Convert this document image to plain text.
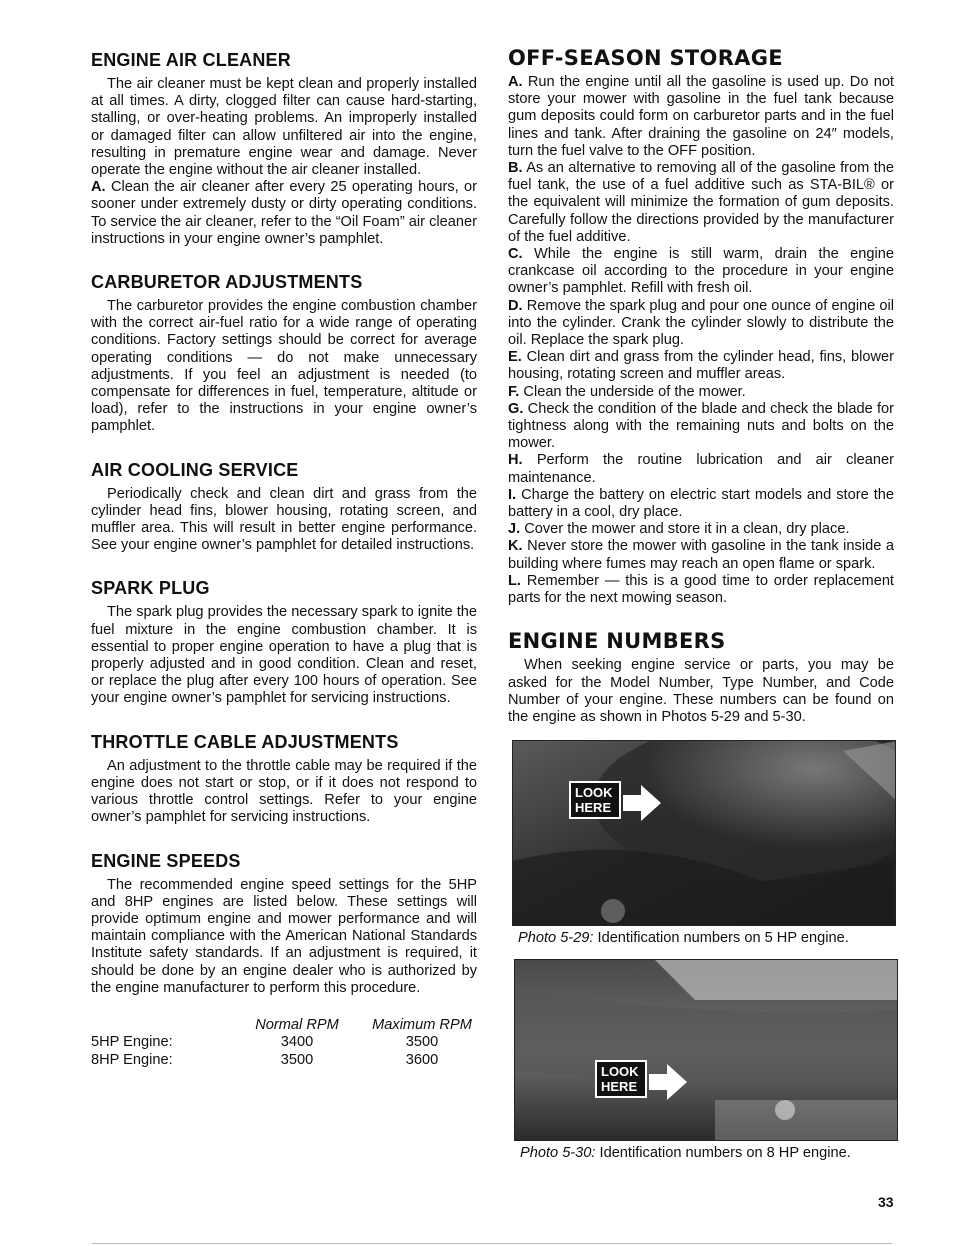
ENGINE AIR CLEANER

The air cleaner must be kept clean and properly installed at all times. A dirty, clogged filter can cause hard-starting, stalling, or over-heating problems. An improperly installed or damaged filter can allow unfiltered air into the engine, resulting in premature engine wear and damage. Never operate the engine without the air cleaner installed.

A. Clean the air cleaner after every 25 operating hours, or sooner under extremely dusty or dirty operating conditions. To service the air cleaner, refer to the “Oil Foam” air cleaner instructions in your engine owner’s pamphlet.
CARBURETOR ADJUSTMENTS

The carburetor provides the engine combustion chamber with the correct air-fuel ratio for a wide range of operating conditions. Factory settings should be correct for average operating conditions — do not make unnecessary adjustments. If you feel an adjustment is needed (to compensate for differences in fuel, temperature, altitude or load), refer to the instructions in your engine owner’s pamphlet.

AIR COOLING SERVICE

Periodically check and clean dirt and grass from the cylinder head fins, blower housing, rotating screen, and muffler area. This will result in better engine performance. See your engine owner’s pamphlet for detailed instructions.

SPARK PLUG

The spark plug provides the necessary spark to ignite the fuel mixture in the engine combustion chamber. It is essential to proper engine operation to have a plug that is properly adjusted and in good condition. Clean and reset, or replace the plug after every 100 hours of operation. See your engine owner’s pamphlet for servicing instructions.

THROTTLE CABLE ADJUSTMENTS

An adjustment to the throttle cable may be required if the engine does not start or stop, or if it does not respond to various throttle control settings. Refer to your engine owner’s pamphlet for servicing instructions.

ENGINE SPEEDS

The recommended engine speed settings for the 5HP and 8HP engines are listed below. These settings will provide optimum engine and mower performance and will maintain compliance with the American National Standards Institute safety standards. If an adjustment is required, it should be done by an engine dealer who is authorized by the engine manufacturer to perform this procedure.

	Normal RPM	Maximum RPM
5HP Engine:	3400	3500
8HP Engine:	3500	3600
OFF-SEASON STORAGE
A. Run the engine until all the gasoline is used up. Do not store your mower with gasoline in the fuel tank because gum deposits could form on carburetor parts and in the fuel lines and tank. After draining the gasoline on 24″ models, turn the fuel valve to the OFF position.
B. As an alternative to removing all of the gasoline from the fuel tank, the use of a fuel additive such as STA-BIL® or the equivalent will minimize the formation of gum deposits. Carefully follow the directions provided by the manufacturer of the fuel additive.
C. While the engine is still warm, drain the engine crankcase oil according to the procedure in your engine owner’s pamphlet. Refill with fresh oil.
D. Remove the spark plug and pour one ounce of engine oil into the cylinder. Crank the cylinder slowly to distribute the oil. Replace the spark plug.
E. Clean dirt and grass from the cylinder head, fins, blower housing, rotating screen and muffler areas.
F. Clean the underside of the mower.
G. Check the condition of the blade and check the blade for tightness along with the remaining nuts and bolts on the mower.
H. Perform the routine lubrication and air cleaner maintenance.
I. Charge the battery on electric start models and store the battery in a cool, dry place.
J. Cover the mower and store it in a clean, dry place.
K. Never store the mower with gasoline in the tank inside a building where fumes may reach an open flame or spark.
L. Remember — this is a good time to order replacement parts for the next mowing season.
ENGINE NUMBERS

When seeking engine service or parts, you may be asked for the Model Number, Type Number, and Code Number of your engine. These numbers can be found on the engine as shown in Photos 5-29 and 5-30.

LOOK HERE
Photo 5-29: Identification numbers on 5 HP engine.
LOOK HERE
Photo 5-30: Identification numbers on 8 HP engine.
33
